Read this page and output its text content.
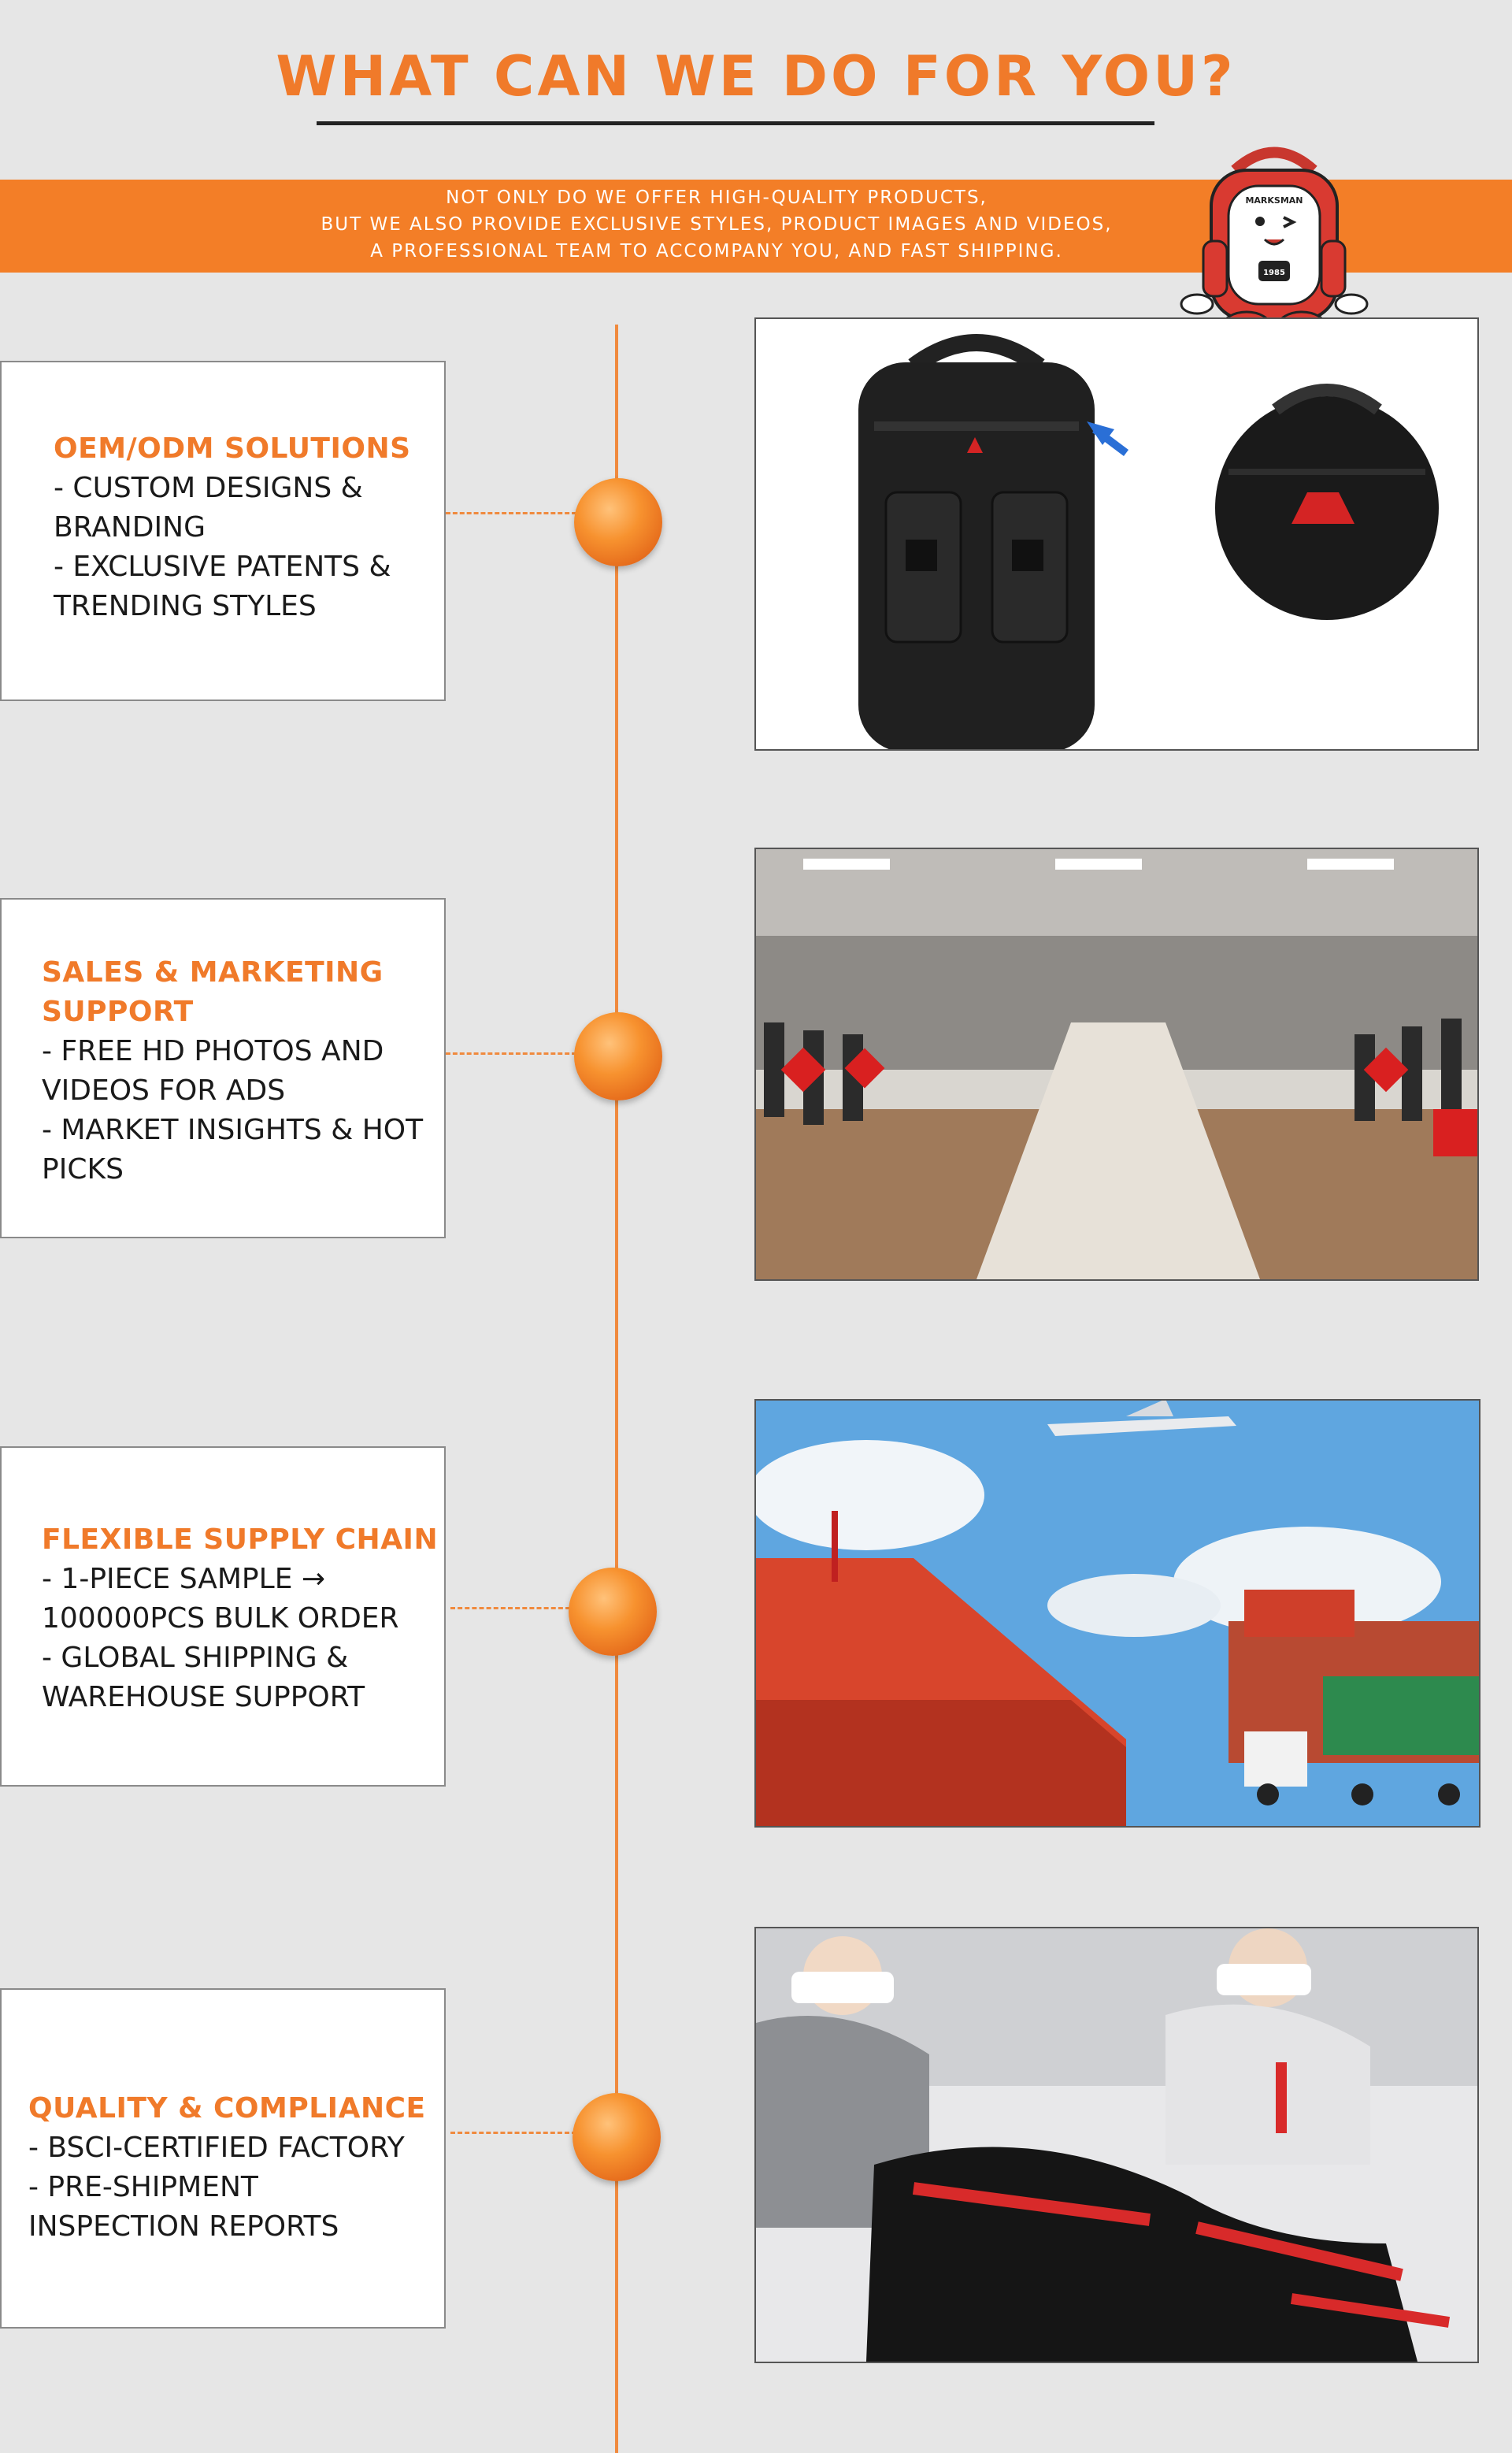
WHAT CAN WE DO FOR YOU?
NOT ONLY DO WE OFFER HIGH-QUALITY PRODUCTS,
BUT WE ALSO PROVIDE EXCLUSIVE STYLES, PRODUCT IMAGES AND VIDEOS,
A PROFESSIONAL TEAM TO ACCOMPANY YOU, AND FAST SHIPPING.
MARKSMAN
1985
OEM/ODM SOLUTIONS
- CUSTOM DESIGNS &
BRANDING
- EXCLUSIVE PATENTS &
TRENDING STYLES
SALES & MARKETING
SUPPORT
- FREE HD PHOTOS AND
VIDEOS FOR ADS
- MARKET INSIGHTS & HOT
PICKS
FLEXIBLE SUPPLY CHAIN
- 1-PIECE SAMPLE →
100000PCS BULK ORDER
- GLOBAL SHIPPING &
WAREHOUSE SUPPORT
QUALITY & COMPLIANCE
- BSCI-CERTIFIED FACTORY
- PRE-SHIPMENT
INSPECTION REPORTS
